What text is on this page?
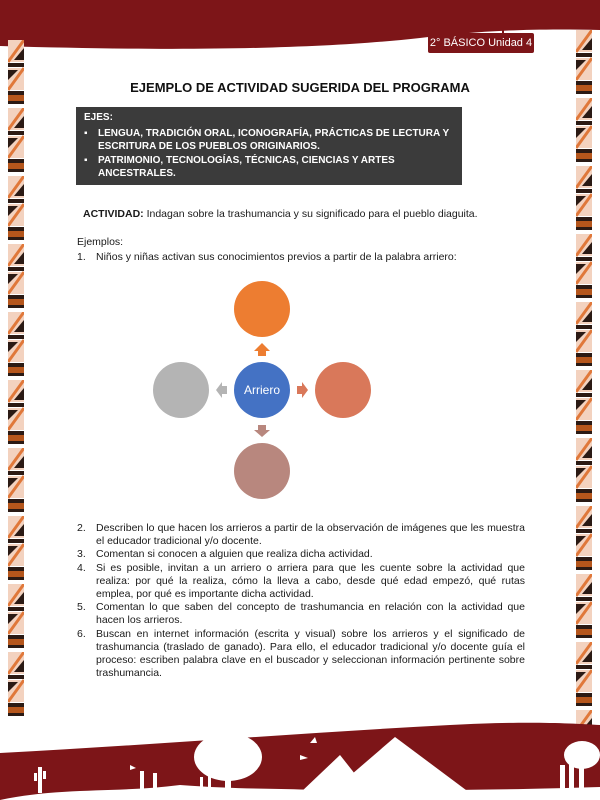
2° BÁSICO Unidad 4
EJEMPLO DE ACTIVIDAD SUGERIDA DEL PROGRAMA
EJES:
▪ LENGUA, TRADICIÓN ORAL, ICONOGRAFÍA, PRÁCTICAS DE LECTURA Y ESCRITURA DE LOS PUEBLOS ORIGINARIOS.
▪ PATRIMONIO, TECNOLOGÍAS, TÉCNICAS, CIENCIAS Y ARTES ANCESTRALES.
ACTIVIDAD: Indagan sobre la trashumancia y su significado para el pueblo diaguita.
Ejemplos:
1. Niños y niñas activan sus conocimientos previos a partir de la palabra arriero:
Arriero
2. Describen lo que hacen los arrieros a partir de la observación de imágenes que les muestra el educador tradicional y/o docente.
3. Comentan si conocen a alguien que realiza dicha actividad.
4. Si es posible, invitan a un arriero o arriera para que les cuente sobre la actividad que realiza: por qué la realiza, cómo la lleva a cabo, desde qué edad empezó, qué rutas emplea, por qué es importante dicha actividad.
5. Comentan lo que saben del concepto de trashumancia en relación con la actividad que hacen los arrieros.
6. Buscan en internet información (escrita y visual) sobre los arrieros y el significado de trashumancia (traslado de ganado). Para ello, el educador tradicional y/o docente guía el proceso: escriben palabra clave en el buscador y seleccionan información pertinente sobre trashumancia.
